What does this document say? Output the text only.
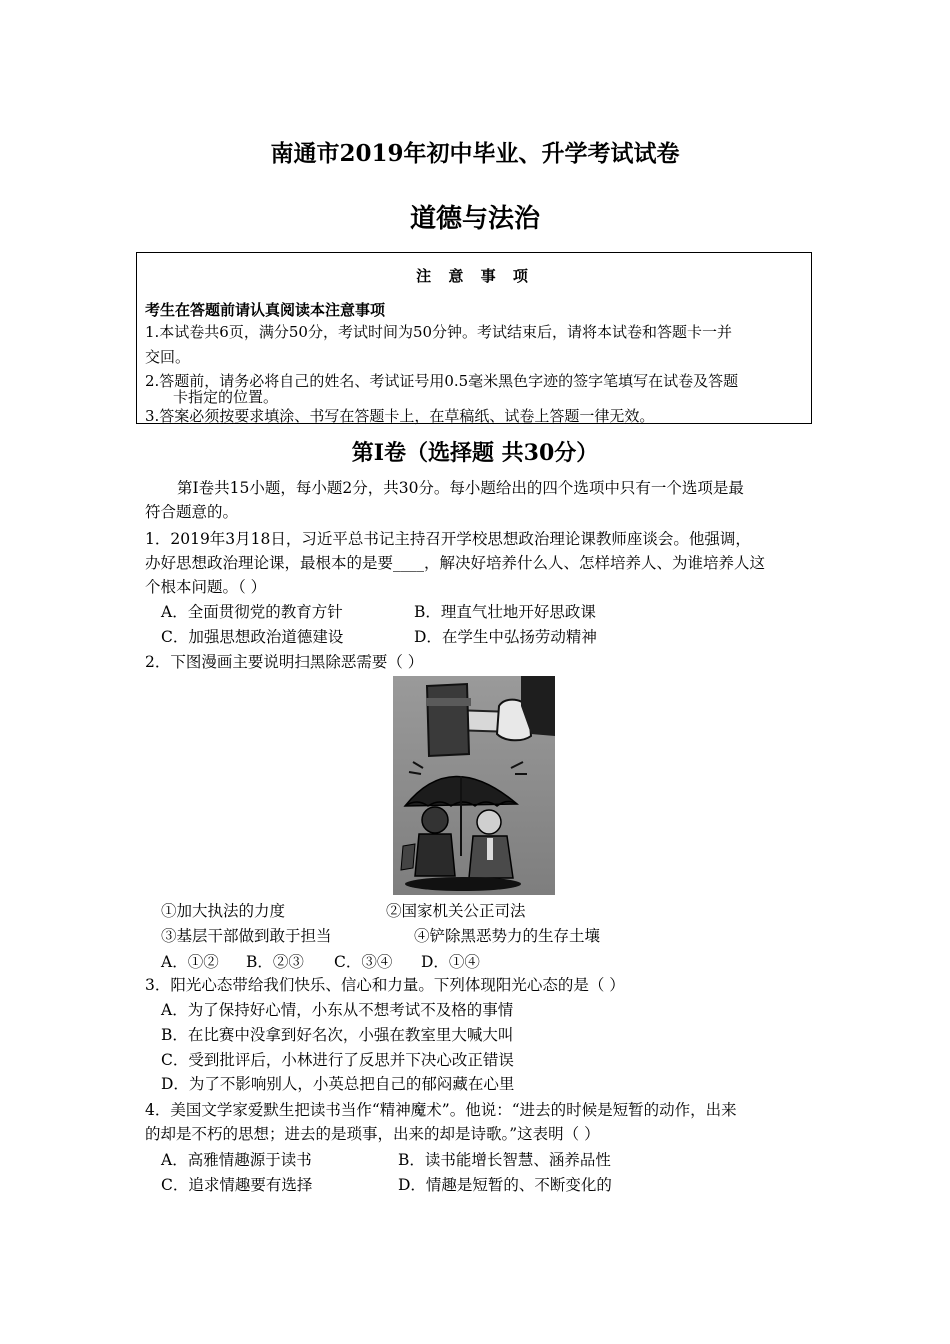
南通市2019年初中毕业、升学考试试卷
道德与法治
注 意 事 项
考生在答题前请认真阅读本注意事项
1.本试卷共6页，满分50分，考试时间为50分钟。考试结束后，请将本试卷和答题卡一并
交回。
2.答题前，请务必将自己的姓名、考试证号用0.5毫米黑色字迹的签字笔填写在试卷及答题
卡指定的位置。
3.答案必须按要求填涂、书写在答题卡上，在草稿纸、试卷上答题一律无效。
第Ⅰ卷（选择题 共30分）
第Ⅰ卷共15小题，每小题2分，共30分。每小题给出的四个选项中只有一个选项是最
符合题意的。
1．2019年3月18日，习近平总书记主持召开学校思想政治理论课教师座谈会。他强调，
办好思想政治理论课，最根本的是要____，解决好培养什么人、怎样培养人、为谁培养人这
个根本问题。（ ）
A．全面贯彻党的教育方针	B．理直气壮地开好思政课
C．加强思想政治道德建设	D．在学生中弘扬劳动精神
2．下图漫画主要说明扫黑除恶需要（ ）
①加大执法的力度	②国家机关公正司法
③基层干部做到敢于担当	④铲除黑恶势力的生存土壤
A．①② B．②③ C．③④ D．①④
3．阳光心态带给我们快乐、信心和力量。下列体现阳光心态的是（ ）
A．为了保持好心情，小东从不想考试不及格的事情
B．在比赛中没拿到好名次，小强在教室里大喊大叫
C．受到批评后，小林进行了反思并下决心改正错误
D．为了不影响别人，小英总把自己的郁闷藏在心里
4．美国文学家爱默生把读书当作“精神魔术”。他说：“进去的时候是短暂的动作，出来
的却是不朽的思想；进去的是琐事，出来的却是诗歌。”这表明（ ）
A．高雅情趣源于读书	B．读书能增长智慧、涵养品性
C．追求情趣要有选择	D．情趣是短暂的、不断变化的
